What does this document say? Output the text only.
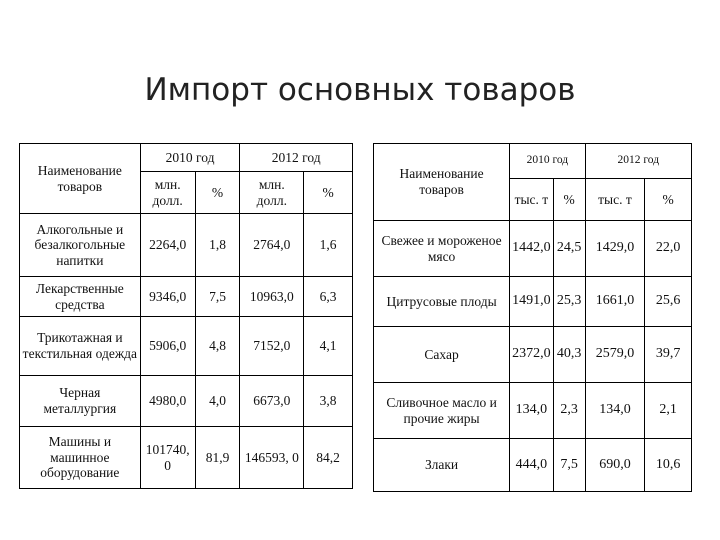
Импорт основных товаров
Наименование товаров	2010 год		2012 год	
	млн. долл.	%	млн. долл.	%
Алкогольные и безалкогольные напитки	2264,0	1,8	2764,0	1,6
Лекарственные средства	9346,0	7,5	10963,0	6,3
Трикотажная и текстильная одежда	5906,0	4,8	7152,0	4,1
Черная металлургия	4980,0	4,0	6673,0	3,8
Машины и машинное оборудование	101740, 0	81,9	146593, 0	84,2
Наименование товаров	2010 год		2012 год	
	тыс. т	%	тыс. т	%
Свежее и мороженое мясо	1442,0	24,5	1429,0	22,0
Цитрусовые плоды	1491,0	25,3	1661,0	25,6
Сахар	2372,0	40,3	2579,0	39,7
Сливочное масло и прочие жиры	134,0	2,3	134,0	2,1
Злаки	444,0	7,5	690,0	10,6
